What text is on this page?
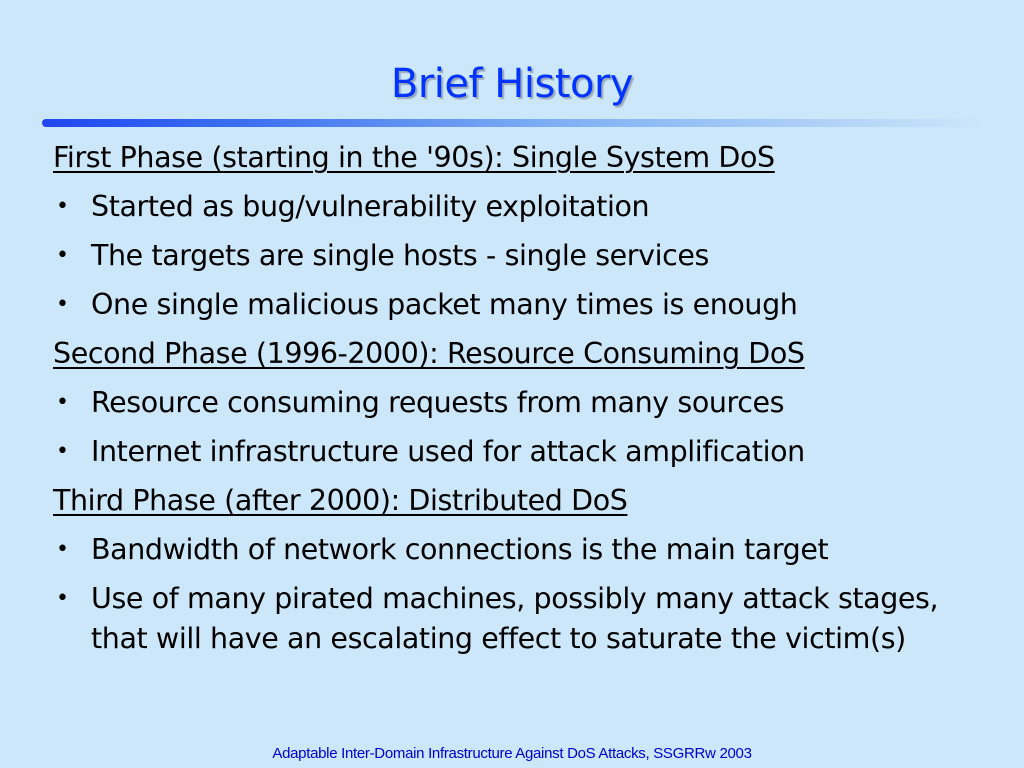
Brief History
First Phase (starting in the '90s): Single System DoS
• Started as bug/vulnerability exploitation
• The targets are single hosts - single services
• One single malicious packet many times is enough
Second Phase (1996-2000): Resource Consuming DoS
• Resource consuming requests from many sources
• Internet infrastructure used for attack amplification
Third Phase (after 2000): Distributed DoS
• Bandwidth of network connections is the main target
• Use of many pirated machines, possibly many attack stages, that will have an escalating effect to saturate the victim(s)
Adaptable Inter-Domain Infrastructure Against DoS Attacks, SSGRRw 2003
